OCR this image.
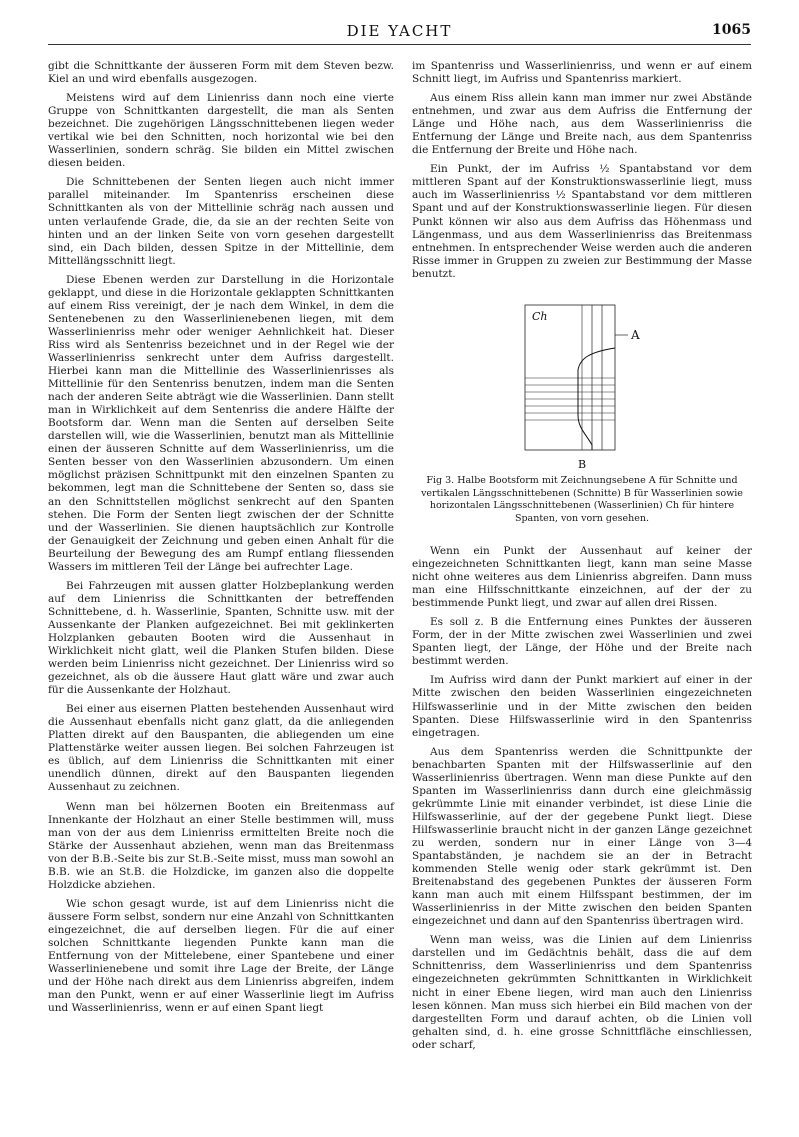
DIE YACHT	1065

gibt die Schnittkante der äusseren Form mit dem Steven bezw. Kiel an und wird ebenfalls ausgezogen.

Meistens wird auf dem Linienriss dann noch eine vierte Gruppe von Schnittkanten dargestellt, die man als Senten bezeichnet. Die zugehörigen Längsschnittebenen liegen weder vertikal wie bei den Schnitten, noch horizontal wie bei den Wasserlinien, sondern schräg. Sie bilden ein Mittel zwischen diesen beiden.

Die Schnittebenen der Senten liegen auch nicht immer parallel miteinander. Im Spantenriss erscheinen diese Schnittkanten als von der Mittellinie schräg nach aussen und unten verlaufende Grade, die, da sie an der rechten Seite von hinten und an der linken Seite von vorn gesehen dargestellt sind, ein Dach bilden, dessen Spitze in der Mittellinie, dem Mittellängsschnitt liegt.

Diese Ebenen werden zur Darstellung in die Horizontale geklappt, und diese in die Horizontale geklappten Schnittkanten auf einem Riss vereinigt, der je nach dem Winkel, in dem die Sentenebenen zu den Wasserlinienebenen liegen, mit dem Wasserlinienriss mehr oder weniger Aehnlichkeit hat. Dieser Riss wird als Sentenriss bezeichnet und in der Regel wie der Wasserlinienriss senkrecht unter dem Aufriss dargestellt. Hierbei kann man die Mittellinie des Wasserlinienrisses als Mittellinie für den Sentenriss benutzen, indem man die Senten nach der anderen Seite abträgt wie die Wasserlinien. Dann stellt man in Wirklichkeit auf dem Sentenriss die andere Hälfte der Bootsform dar. Wenn man die Senten auf derselben Seite darstellen will, wie die Wasserlinien, benutzt man als Mittellinie einen der äusseren Schnitte auf dem Wasserlinienriss, um die Senten besser von den Wasserlinien abzusondern. Um einen möglichst präzisen Schnittpunkt mit den einzelnen Spanten zu bekommen, legt man die Schnittebene der Senten so, dass sie an den Schnittstellen möglichst senkrecht auf den Spanten stehen. Die Form der Senten liegt zwischen der der Schnitte und der Wasserlinien. Sie dienen hauptsächlich zur Kontrolle der Genauigkeit der Zeichnung und geben einen Anhalt für die Beurteilung der Bewegung des am Rumpf entlang fliessenden Wassers im mittleren Teil der Länge bei aufrechter Lage.

Bei Fahrzeugen mit aussen glatter Holzbeplankung werden auf dem Linienriss die Schnittkanten der betreffenden Schnittebene, d. h. Wasserlinie, Spanten, Schnitte usw. mit der Aussenkante der Planken aufgezeichnet. Bei mit geklinkerten Holzplanken gebauten Booten wird die Aussenhaut in Wirklichkeit nicht glatt, weil die Planken Stufen bilden. Diese werden beim Linienriss nicht gezeichnet. Der Linienriss wird so gezeichnet, als ob die äussere Haut glatt wäre und zwar auch für die Aussenkante der Holzhaut.

Bei einer aus eisernen Platten bestehenden Aussenhaut wird die Aussenhaut ebenfalls nicht ganz glatt, da die anliegenden Platten direkt auf den Bauspanten, die abliegenden um eine Plattenstärke weiter aussen liegen. Bei solchen Fahrzeugen ist es üblich, auf dem Linienriss die Schnittkanten mit einer unendlich dünnen, direkt auf den Bauspanten liegenden Aussenhaut zu zeichnen.

Wenn man bei hölzernen Booten ein Breitenmass auf Innenkante der Holzhaut an einer Stelle bestimmen will, muss man von der aus dem Linienriss ermittelten Breite noch die Stärke der Aussenhaut abziehen, wenn man das Breitenmass von der B.B.-Seite bis zur St.B.-Seite misst, muss man sowohl an B.B. wie an St.B. die Holzdicke, im ganzen also die doppelte Holzdicke abziehen.

Wie schon gesagt wurde, ist auf dem Linienriss nicht die äussere Form selbst, sondern nur eine Anzahl von Schnittkanten eingezeichnet, die auf derselben liegen. Für die auf einer solchen Schnittkante liegenden Punkte kann man die Entfernung von der Mittelebene, einer Spantebene und einer Wasserlinienebene und somit ihre Lage der Breite, der Länge und der Höhe nach direkt aus dem Linienriss abgreifen, indem man den Punkt, wenn er auf einer Wasserlinie liegt im Aufriss und Wasserlinienriss, wenn er auf einen Spant liegt

im Spantenriss und Wasserlinienriss, und wenn er auf einem Schnitt liegt, im Aufriss und Spantenriss markiert.

Aus einem Riss allein kann man immer nur zwei Abstände entnehmen, und zwar aus dem Aufriss die Entfernung der Länge und Höhe nach, aus dem Wasserlinienriss die Entfernung der Länge und Breite nach, aus dem Spantenriss die Entfernung der Breite und Höhe nach.

Ein Punkt, der im Aufriss ½ Spantabstand vor dem mittleren Spant auf der Konstruktionswasserlinie liegt, muss auch im Wasserlinienriss ½ Spantabstand vor dem mittleren Spant und auf der Konstruktionswasserlinie liegen. Für diesen Punkt können wir also aus dem Aufriss das Höhenmass und Längenmass, und aus dem Wasserlinienriss das Breitenmass entnehmen. In entsprechender Weise werden auch die anderen Risse immer in Gruppen zu zweien zur Bestimmung der Masse benutzt.

A
Ch
B
Fig 3. Halbe Bootsform mit Zeichnungsebene A für Schnitte und vertikalen Längsschnittebenen (Schnitte) B für Wasserlinien sowie horizontalen Längsschnittebenen (Wasserlinien) Ch für hintere Spanten, von vorn gesehen.

Wenn ein Punkt der Aussenhaut auf keiner der eingezeichneten Schnittkanten liegt, kann man seine Masse nicht ohne weiteres aus dem Linienriss abgreifen. Dann muss man eine Hilfsschnittkante einzeichnen, auf der der zu bestimmende Punkt liegt, und zwar auf allen drei Rissen.

Es soll z. B die Entfernung eines Punktes der äusseren Form, der in der Mitte zwischen zwei Wasserlinien und zwei Spanten liegt, der Länge, der Höhe und der Breite nach bestimmt werden.

Im Aufriss wird dann der Punkt markiert auf einer in der Mitte zwischen den beiden Wasserlinien eingezeichneten Hilfswasserlinie und in der Mitte zwischen den beiden Spanten. Diese Hilfswasserlinie wird in den Spantenriss eingetragen.

Aus dem Spantenriss werden die Schnittpunkte der benachbarten Spanten mit der Hilfswasserlinie auf den Wasserlinienriss übertragen. Wenn man diese Punkte auf den Spanten im Wasserlinienriss dann durch eine gleichmässig gekrümmte Linie mit einander verbindet, ist diese Linie die Hilfswasserlinie, auf der der gegebene Punkt liegt. Diese Hilfswasserlinie braucht nicht in der ganzen Länge gezeichnet zu werden, sondern nur in einer Länge von 3—4 Spantabständen, je nachdem sie an der in Betracht kommenden Stelle wenig oder stark gekrümmt ist. Den Breitenabstand des gegebenen Punktes der äusseren Form kann man auch mit einem Hilfsspant bestimmen, der im Wasserlinienriss in der Mitte zwischen den beiden Spanten eingezeichnet und dann auf den Spantenriss übertragen wird.

Wenn man weiss, was die Linien auf dem Linienriss darstellen und im Gedächtnis behält, dass die auf dem Schnittenriss, dem Wasserlinienriss und dem Spantenriss eingezeichneten gekrümmten Schnittkanten in Wirklichkeit nicht in einer Ebene liegen, wird man auch den Linienriss lesen können. Man muss sich hierbei ein Bild machen von der dargestellten Form und darauf achten, ob die Linien voll gehalten sind, d. h. eine grosse Schnittfläche einschliessen, oder scharf,
